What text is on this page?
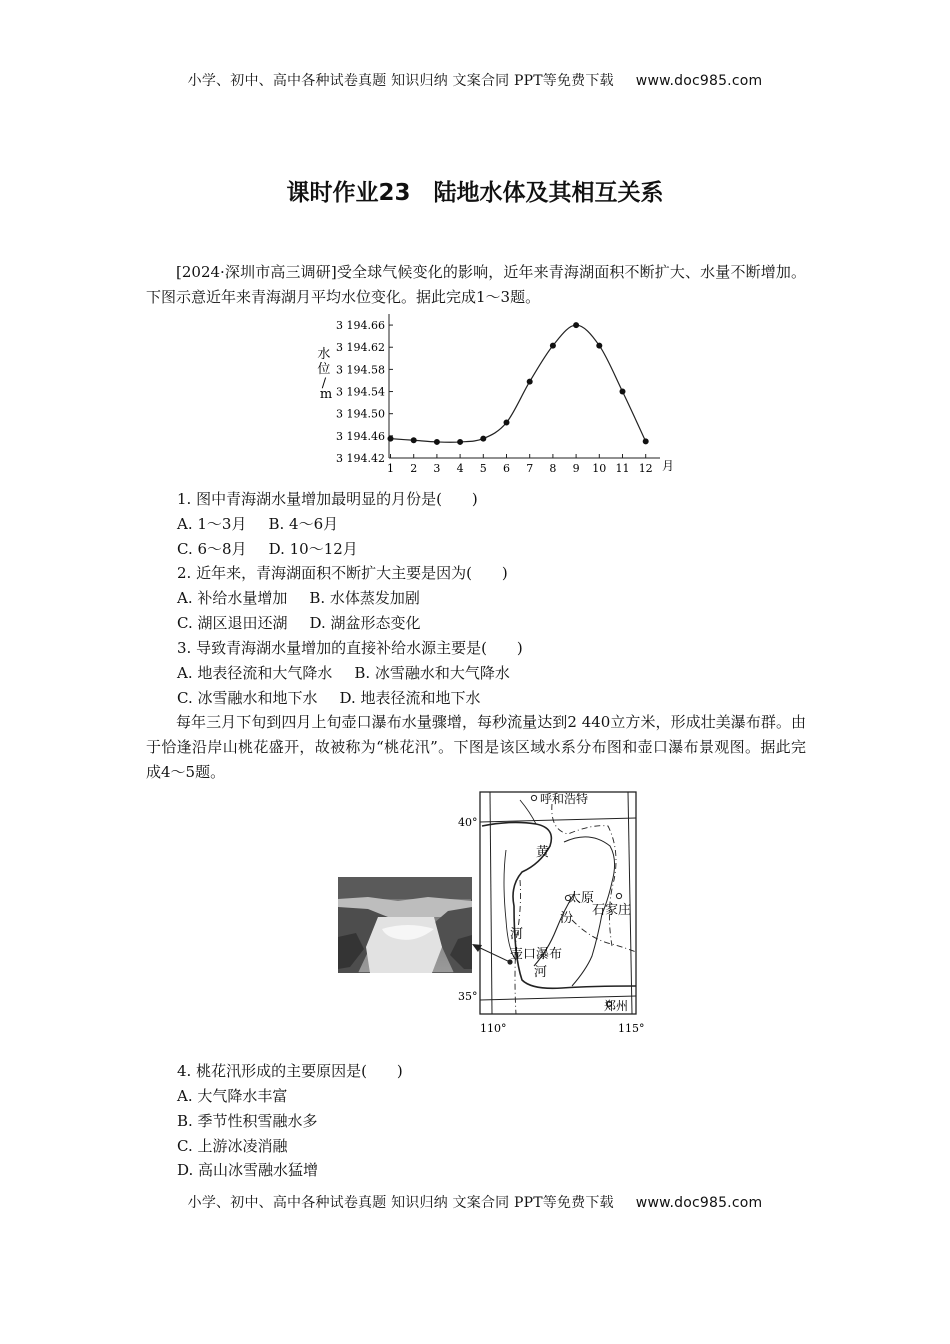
小学、初中、高中各种试卷真题 知识归纳 文案合同 PPT等免费下载 www.doc985.com
课时作业23　陆地水体及其相互关系
[2024·深圳市高三调研]受全球气候变化的影响，近年来青海湖面积不断扩大、水量不断增加。下图示意近年来青海湖月平均水位变化。据此完成1～3题。
3 194.66
3 194.62
3 194.58
3 194.54
3 194.50
3 194.46
3 194.42
水 位 / m
1 2 3 4 5 6 7 8 9 10 11 12 月
1. 图中青海湖水量增加最明显的月份是(　　)
A. 1～3月 B. 4～6月
C. 6～8月 D. 10～12月
2. 近年来，青海湖面积不断扩大主要是因为(　　)
A. 补给水量增加 B. 水体蒸发加剧
C. 湖区退田还湖 D. 湖盆形态变化
3. 导致青海湖水量增加的直接补给水源主要是(　　)
A. 地表径流和大气降水 B. 冰雪融水和大气降水
C. 冰雪融水和地下水 D. 地表径流和地下水
每年三月下旬到四月上旬壶口瀑布水量骤增，每秒流量达到2 440立方米，形成壮美瀑布群。由于恰逢沿岸山桃花盛开，故被称为“桃花汛”。下图是该区域水系分布图和壶口瀑布景观图。据此完成4～5题。
40°
35°
110°	115°
呼和浩特
太原
石家庄
郑州
黄
河
汾
河
壶口瀑布
4. 桃花汛形成的主要原因是(　　)
A. 大气降水丰富
B. 季节性积雪融水多
C. 上游冰凌消融
D. 高山冰雪融水猛增
小学、初中、高中各种试卷真题 知识归纳 文案合同 PPT等免费下载 www.doc985.com
